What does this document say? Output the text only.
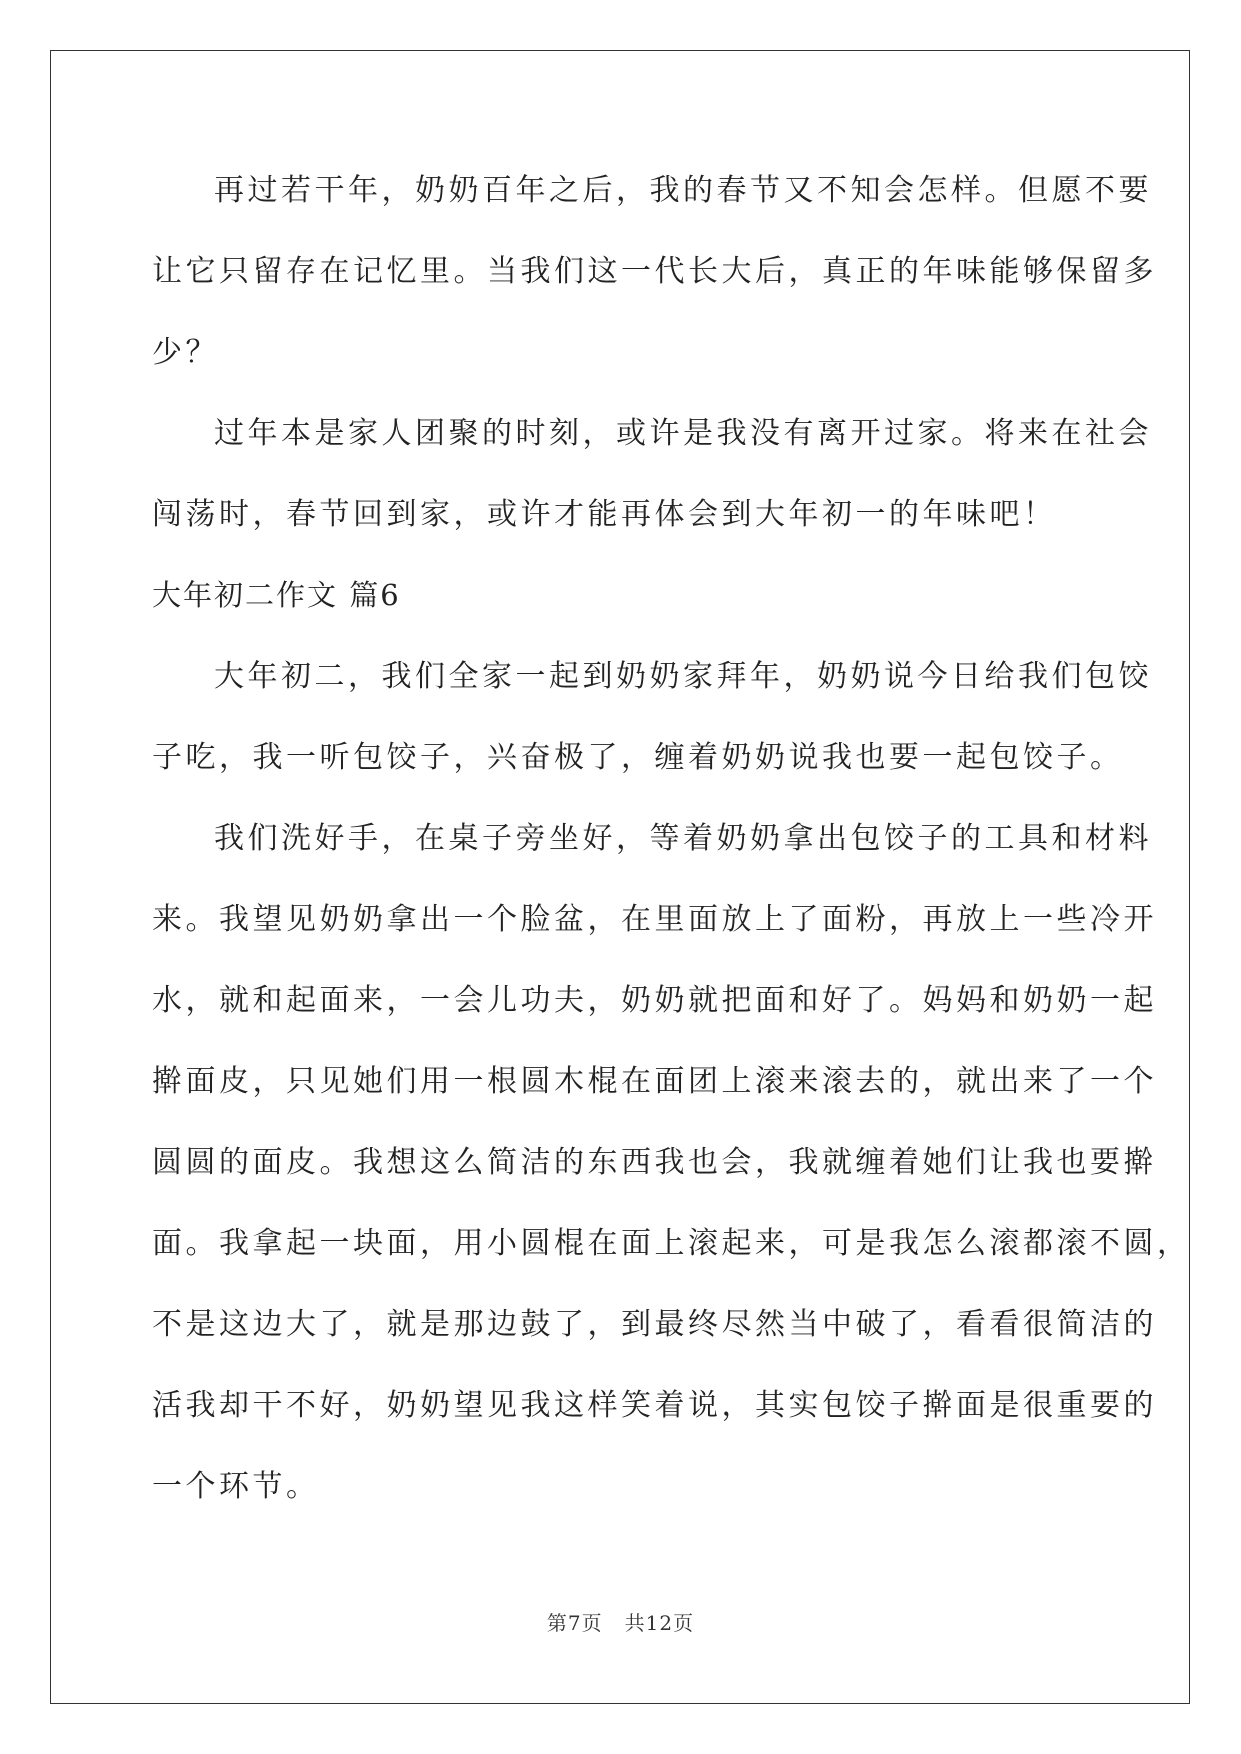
再过若干年，奶奶百年之后，我的春节又不知会怎样。但愿不要
让它只留存在记忆里。当我们这一代长大后，真正的年味能够保留多
少？
过年本是家人团聚的时刻，或许是我没有离开过家。将来在社会
闯荡时，春节回到家，或许才能再体会到大年初一的年味吧！
大年初二作文 篇6
大年初二，我们全家一起到奶奶家拜年，奶奶说今日给我们包饺
子吃，我一听包饺子，兴奋极了，缠着奶奶说我也要一起包饺子。
我们洗好手，在桌子旁坐好，等着奶奶拿出包饺子的工具和材料
来。我望见奶奶拿出一个脸盆，在里面放上了面粉，再放上一些冷开
水，就和起面来，一会儿功夫，奶奶就把面和好了。妈妈和奶奶一起
擀面皮，只见她们用一根圆木棍在面团上滚来滚去的，就出来了一个
圆圆的面皮。我想这么简洁的东西我也会，我就缠着她们让我也要擀
面。我拿起一块面，用小圆棍在面上滚起来，可是我怎么滚都滚不圆，
不是这边大了，就是那边鼓了，到最终尽然当中破了，看看很简洁的
活我却干不好，奶奶望见我这样笑着说，其实包饺子擀面是很重要的
一个环节。
第7页 共12页
